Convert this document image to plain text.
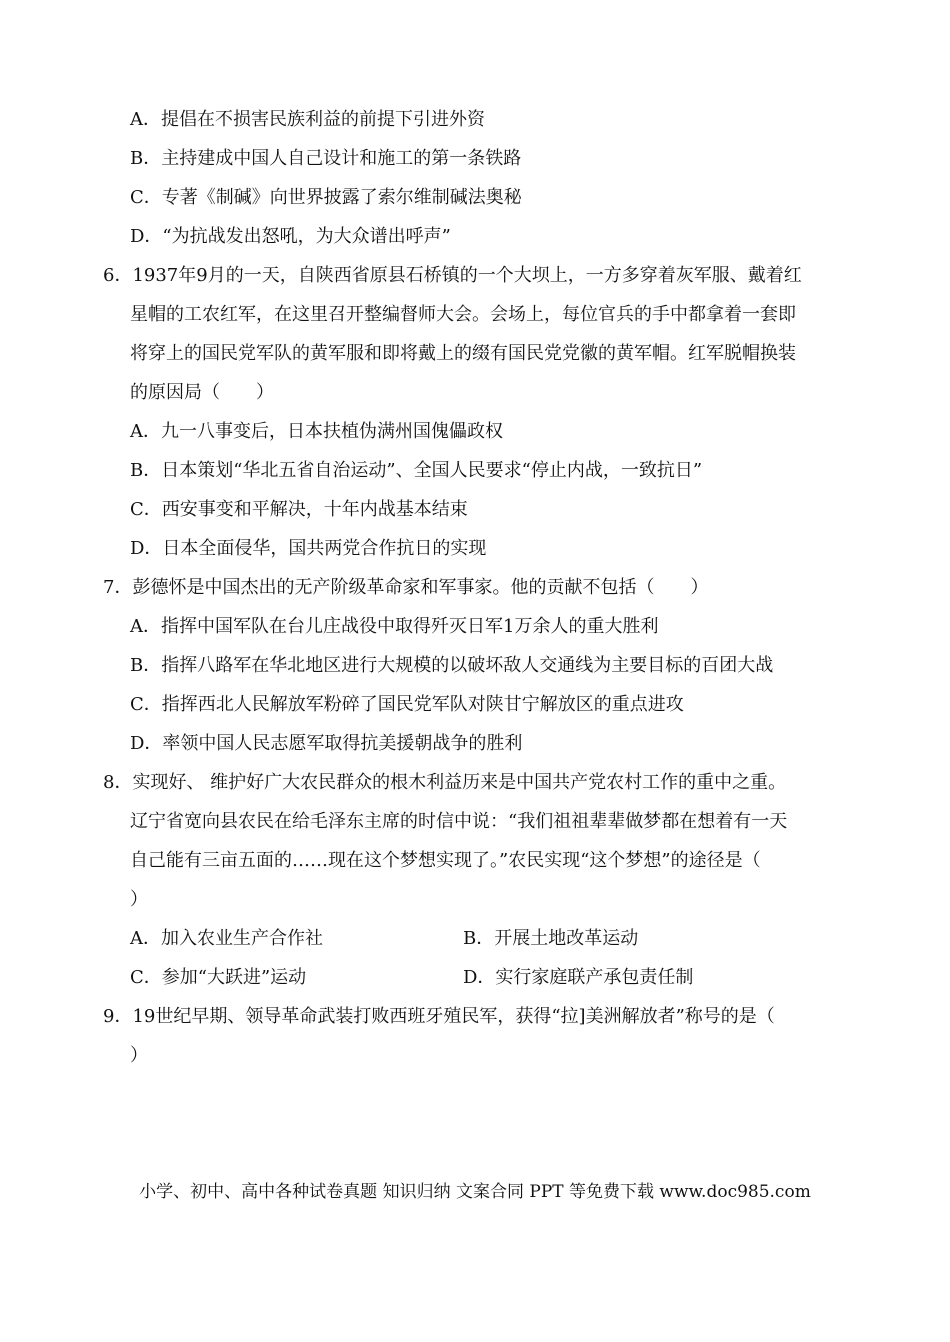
A．提倡在不损害民族利益的前提下引进外资
B．主持建成中国人自己设计和施工的第一条铁路
C．专著《制碱》向世界披露了索尔维制碱法奥秘
D．“为抗战发出怒吼，为大众谱出呼声”
6．1937年9月的一天，自陕西省原县石桥镇的一个大坝上，一方多穿着灰军服、戴着红
星帽的工农红军，在这里召开整编督师大会。会场上，每位官兵的手中都拿着一套即
将穿上的国民党军队的黄军服和即将戴上的缀有国民党党徽的黄军帽。红军脱帽换装
的原因局（　　）
A．九一八事变后，日本扶植伪满州国傀儡政权
B．日本策划“华北五省自治运动”、全国人民要求“停止内战，一致抗日”
C．西安事变和平解决，十年内战基本结束
D．日本全面侵华，国共两党合作抗日的实现
7．彭德怀是中国杰出的无产阶级革命家和军事家。他的贡献不包括（　　）
A．指挥中国军队在台儿庄战役中取得歼灭日军1万余人的重大胜利
B．指挥八路军在华北地区进行大规模的以破坏敌人交通线为主要目标的百团大战
C．指挥西北人民解放军粉碎了国民党军队对陕甘宁解放区的重点进攻
D．率领中国人民志愿军取得抗美援朝战争的胜利
8．实现好、 维护好广大农民群众的根木利益历来是中国共产党农村工作的重中之重。
辽宁省宽向县农民在给毛泽东主席的时信中说：“我们祖祖辈辈做梦都在想着有一天
自己能有三亩五面的……现在这个梦想实现了。”农民实现“这个梦想”的途径是（
）
A．加入农业生产合作社	B．开展土地改革运动
C．参加“大跃进”运动	D．实行家庭联产承包责任制
9．19世纪早期、领导革命武装打败西班牙殖民军，获得“拉]美洲解放者”称号的是（
）
小学、初中、高中各种试卷真题 知识归纳 文案合同 PPT 等免费下载 www.doc985.com
